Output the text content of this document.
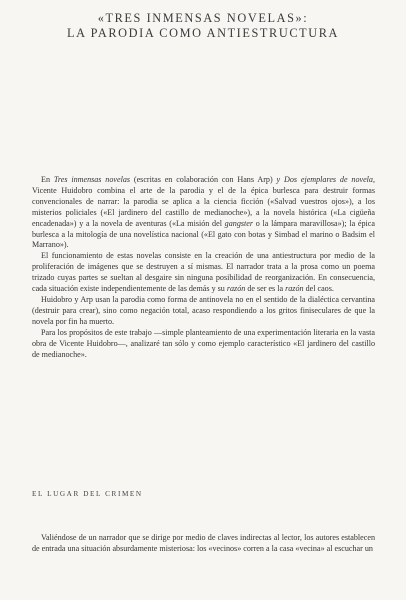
«TRES INMENSAS NOVELAS»:
LA PARODIA COMO ANTIESTRUCTURA

En Tres inmensas novelas (escritas en colaboración con Hans Arp) y Dos ejemplares de novela, Vicente Huidobro combina el arte de la parodia y el de la épica burlesca para destruir formas convencionales de narrar: la parodia se aplica a la ciencia ficción («Salvad vuestros ojos»), a los misterios policiales («El jardinero del castillo de medianoche»), a la novela histórica («La cigüeña encadenada») y a la novela de aventuras («La misión del gangster o la lámpara maravillosa»); la épica burlesca a la mitología de una novelística nacional («El gato con botas y Simbad el marino o Badsim el Marrano»).

El funcionamiento de estas novelas consiste en la creación de una antiestructura por medio de la proliferación de imágenes que se destruyen a sí mismas. El narrador trata a la prosa como un poema trizado cuyas partes se sueltan al desgaire sin ninguna posibilidad de reorganización. En consecuencia, cada situación existe independientemente de las demás y su razón de ser es la razón del caos.

Huidobro y Arp usan la parodia como forma de antinovela no en el sentido de la dialéctica cervantina (destruir para crear), sino como negación total, acaso respondiendo a los gritos finiseculares de que la novela por fin ha muerto.

Para los propósitos de este trabajo —simple planteamiento de una experimentación literaria en la vasta obra de Vicente Huidobro—, analizaré tan sólo y como ejemplo característico «El jardinero del castillo de medianoche».

EL LUGAR DEL CRIMEN

Valiéndose de un narrador que se dirige por medio de claves indirectas al lector, los autores establecen de entrada una situación absurdamente misteriosa: los «vecinos» corren a la casa «vecina» al escuchar un
